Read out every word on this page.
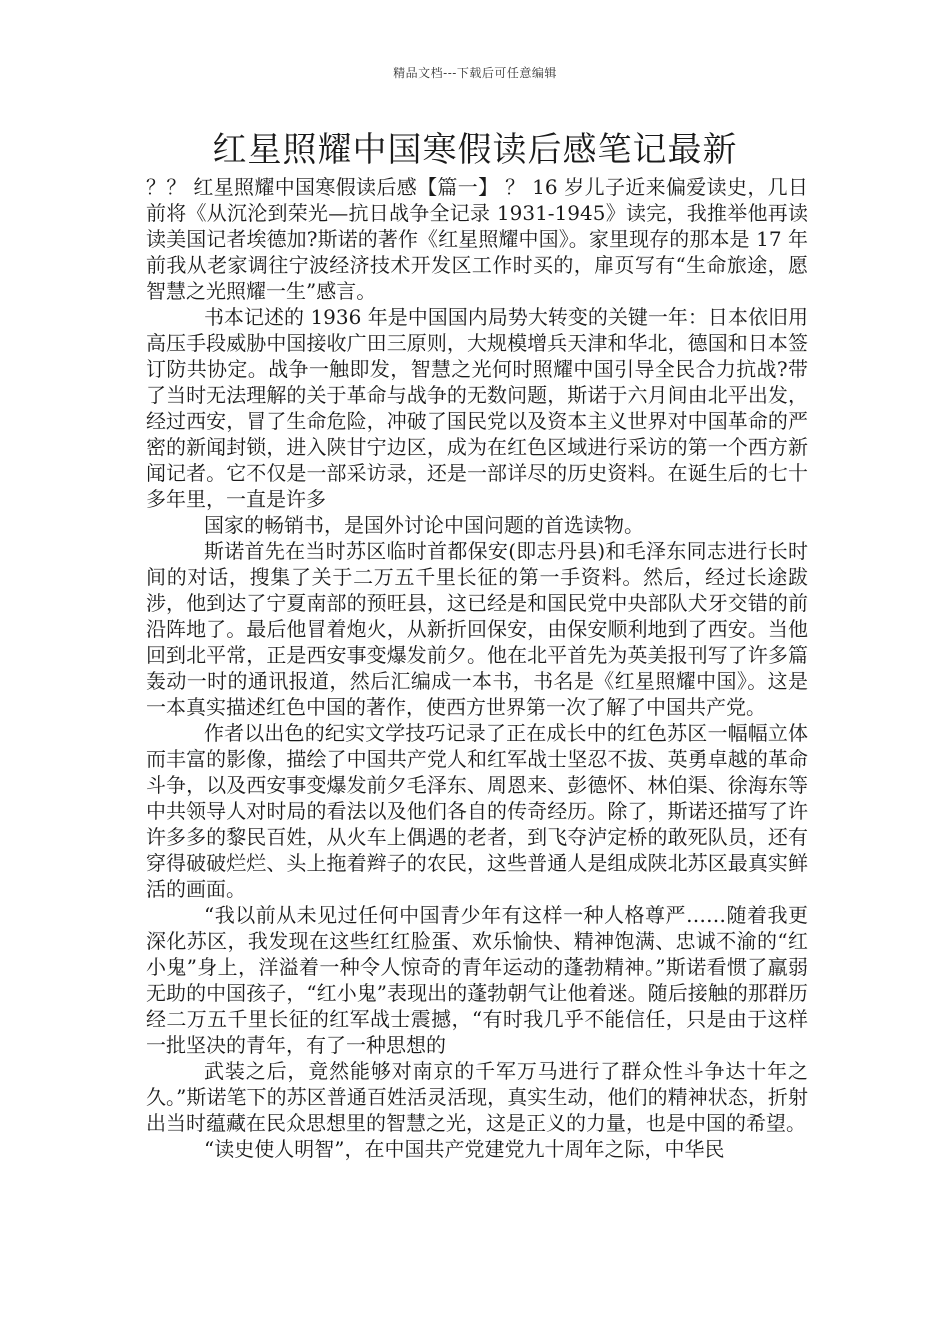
精品文档---下载后可任意编辑
红星照耀中国寒假读后感笔记最新

？？ 红星照耀中国寒假读后感【篇一】 ？ 16 岁儿子近来偏爱读史，几日前将《从沉沦到荣光—抗日战争全记录 1931-1945》读完，我推举他再读读美国记者埃德加?斯诺的著作《红星照耀中国》。家里现存的那本是 17 年前我从老家调往宁波经济技术开发区工作时买的，扉页写有“生命旅途，愿智慧之光照耀一生”感言。

书本记述的 1936 年是中国国内局势大转变的关键一年：日本依旧用高压手段威胁中国接收广田三原则，大规模增兵天津和华北，德国和日本签订防共协定。战争一触即发，智慧之光何时照耀中国引导全民合力抗战?带了当时无法理解的关于革命与战争的无数问题，斯诺于六月间由北平出发，经过西安，冒了生命危险，冲破了国民党以及资本主义世界对中国革命的严密的新闻封锁，进入陕甘宁边区，成为在红色区域进行采访的第一个西方新闻记者。它不仅是一部采访录，还是一部详尽的历史资料。在诞生后的七十多年里，一直是许多

国家的畅销书，是国外讨论中国问题的首选读物。

斯诺首先在当时苏区临时首都保安(即志丹县)和毛泽东同志进行长时间的对话，搜集了关于二万五千里长征的第一手资料。然后，经过长途跋涉，他到达了宁夏南部的预旺县，这已经是和国民党中央部队犬牙交错的前沿阵地了。最后他冒着炮火，从新折回保安，由保安顺利地到了西安。当他回到北平常，正是西安事变爆发前夕。他在北平首先为英美报刊写了许多篇轰动一时的通讯报道，然后汇编成一本书，书名是《红星照耀中国》。这是一本真实描述红色中国的著作，使西方世界第一次了解了中国共产党。

作者以出色的纪实文学技巧记录了正在成长中的红色苏区一幅幅立体而丰富的影像，描绘了中国共产党人和红军战士坚忍不拔、英勇卓越的革命斗争，以及西安事变爆发前夕毛泽东、周恩来、彭德怀、林伯渠、徐海东等中共领导人对时局的看法以及他们各自的传奇经历。除了，斯诺还描写了许许多多的黎民百姓，从火车上偶遇的老者，到飞夺泸定桥的敢死队员，还有穿得破破烂烂、头上拖着辫子的农民，这些普通人是组成陕北苏区最真实鲜活的画面。

“我以前从未见过任何中国青少年有这样一种人格尊严……随着我更深化苏区，我发现在这些红红脸蛋、欢乐愉快、精神饱满、忠诚不渝的“红小鬼”身上，洋溢着一种令人惊奇的青年运动的蓬勃精神。”斯诺看惯了羸弱无助的中国孩子，“红小鬼”表现出的蓬勃朝气让他着迷。随后接触的那群历经二万五千里长征的红军战士震撼，“有时我几乎不能信任，只是由于这样一批坚决的青年，有了一种思想的

武装之后，竟然能够对南京的千军万马进行了群众性斗争达十年之久。”斯诺笔下的苏区普通百姓活灵活现，真实生动，他们的精神状态，折射出当时蕴藏在民众思想里的智慧之光，这是正义的力量，也是中国的希望。

“读史使人明智”，在中国共产党建党九十周年之际，中华民
